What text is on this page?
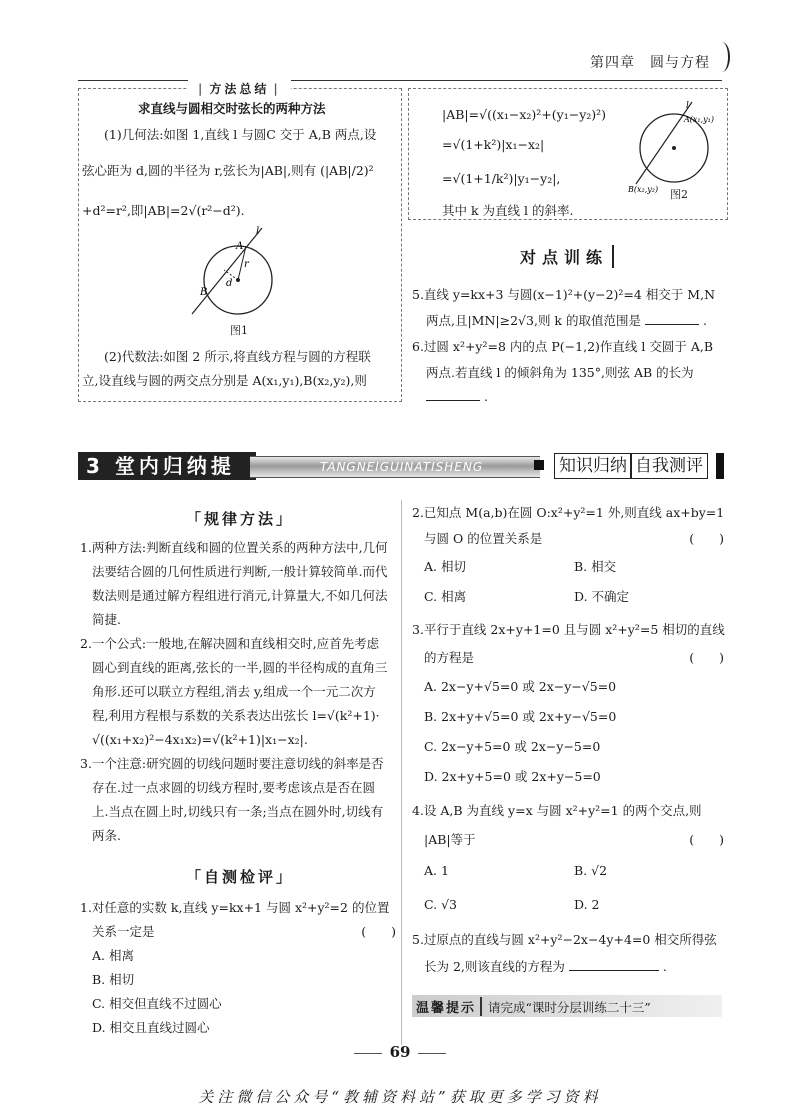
第四章　圆与方程
| 方法总结 |
求直线与圆相交时弦长的两种方法
(1)几何法:如图 1,直线 l 与圆C 交于 A,B 两点,设
弦心距为 d,圆的半径为 r,弦长为|AB|,则有 (|AB|/2)²
+d²=r²,即|AB|=2√(r²−d²).
A
B
r
d
l
图1
(2)代数法:如图 2 所示,将直线方程与圆的方程联
立,设直线与圆的两交点分别是 A(x₁,y₁),B(x₂,y₂),则
|AB|=√((x₁−x₂)²+(y₁−y₂)²)
=√(1+k²)|x₁−x₂|
=√(1+1/k²)|y₁−y₂|,
其中 k 为直线 l 的斜率.
l
A(x₁,y₁)
B(x₂,y₂) 图2
对点训练
5.直线 y=kx+3 与圆(x−1)²+(y−2)²=4 相交于 M,N
两点,且|MN|≥2√3,则 k 的取值范围是	.
6.过圆 x²+y²=8 内的点 P(−1,2)作直线 l 交圆于 A,B
两点.若直线 l 的倾斜角为 135°,则弦 AB 的长为
.
3 堂内归纳提升
TANGNEIGUINATISHENG	知识归纳 自我测评
「规律方法」
1.两种方法:判断直线和圆的位置关系的两种方法中,几何
法要结合圆的几何性质进行判断,一般计算较简单.而代
数法则是通过解方程组进行消元,计算量大,不如几何法
简捷.
2.一个公式:一般地,在解决圆和直线相交时,应首先考虑
圆心到直线的距离,弦长的一半,圆的半径构成的直角三
角形.还可以联立方程组,消去 y,组成一个一元二次方
程,利用方程根与系数的关系表达出弦长 l=√(k²+1)·
√((x₁+x₂)²−4x₁x₂)=√(k²+1)|x₁−x₂|.
3.一个注意:研究圆的切线问题时要注意切线的斜率是否
存在.过一点求圆的切线方程时,要考虑该点是否在圆
上.当点在圆上时,切线只有一条;当点在圆外时,切线有
两条.
「自测检评」
1.对任意的实数 k,直线 y=kx+1 与圆 x²+y²=2 的位置
关系一定是	(　　)
A. 相离
B. 相切
C. 相交但直线不过圆心
D. 相交且直线过圆心
2.已知点 M(a,b)在圆 O:x²+y²=1 外,则直线 ax+by=1
与圆 O 的位置关系是	(　　)
A. 相切	B. 相交
C. 相离	D. 不确定
3.平行于直线 2x+y+1=0 且与圆 x²+y²=5 相切的直线
的方程是	(　　)
A. 2x−y+√5=0 或 2x−y−√5=0
B. 2x+y+√5=0 或 2x+y−√5=0
C. 2x−y+5=0 或 2x−y−5=0
D. 2x+y+5=0 或 2x+y−5=0
4.设 A,B 为直线 y=x 与圆 x²+y²=1 的两个交点,则
|AB|等于	(　　)
A. 1	B. √2
C. √3	D. 2
5.过原点的直线与圆 x²+y²−2x−4y+4=0 相交所得弦
长为 2,则该直线的方程为	.
温馨提示 请完成“课时分层训练二十三”
69
关注微信公众号“教辅资料站”获取更多学习资料
